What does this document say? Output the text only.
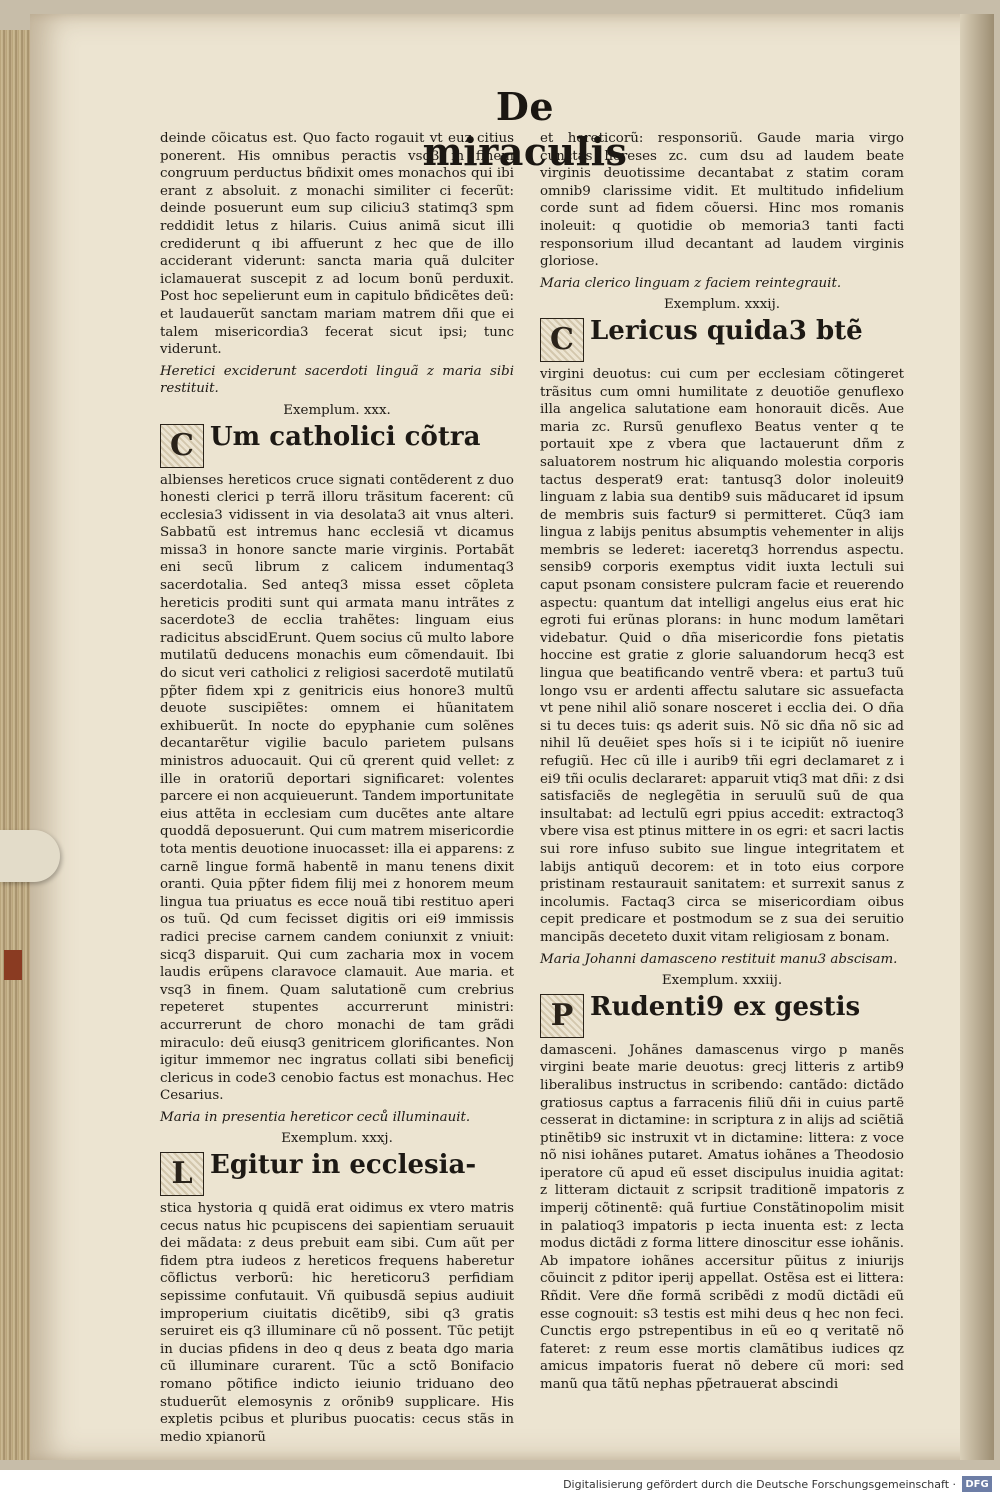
De miraculis

deinde cõicatus est. Quo facto rogauit vt euz citius ponerent. His omnibus peractis vsq3 in finem congruum perductus bñdixit omes monachos qui ibi erant z absoluit. z monachi similiter ci fecerũt: deinde posuerunt eum sup ciliciu3 statimq3 spm reddidit letus z hilaris. Cuius animã sicut illi crediderunt q ibi affuerunt z hec que de illo acciderant viderunt: sancta maria quã dulciter iclamauerat suscepit z ad locum bonũ perduxit. Post hoc sepelierunt eum in capitulo bñdicẽtes deũ: et laudauerũt sanctam mariam matrem dñi que ei talem misericordia3 fecerat sicut ipsi; tunc viderunt.

Heretici exciderunt sacerdoti linguã z maria sibi restituit.
Exemplum. xxx.
C Um catholici cõtra

albienses hereticos cruce signati contẽderent z duo honesti clerici p terrã illoru trãsitum facerent: cũ ecclesia3 vidissent in via desolata3 ait vnus alteri. Sabbatũ est intremus hanc ecclesiã vt dicamus missa3 in honore sancte marie virginis. Portabãt eni secũ librum z calicem indumentaq3 sacerdotalia. Sed anteq3 missa esset cõpleta hereticis proditi sunt qui armata manu intrãtes z sacerdote3 de ecclia trahẽtes: linguam eius radicitus abscidErunt. Quem socius cũ multo labore mutilatũ deducens monachis eum cõmendauit. Ibi do sicut veri catholici z religiosi sacerdotẽ mutilatũ pp̃ter fidem xpi z genitricis eius honore3 multũ deuote suscipiẽtes: omnem ei hũanitatem exhibuerũt. In nocte do epyphanie cum solẽnes decantarẽtur vigilie baculo parietem pulsans ministros aduocauit. Qui cũ qrerent quid vellet: z ille in oratoriũ deportari significaret: volentes parcere ei non acquieuerunt. Tandem importunitate eius attẽta in ecclesiam cum ducẽtes ante altare quoddã deposuerunt. Qui cum matrem misericordie tota mentis deuotione inuocasset: illa ei apparens: z carnẽ lingue formã habentẽ in manu tenens dixit oranti. Quia pp̃ter fidem filij mei z honorem meum lingua tua priuatus es ecce nouã tibi restituo aperi os tuũ. Qd cum fecisset digitis ori ei9 immissis radici precise carnem candem coniunxit z vniuit: sicq3 disparuit. Qui cum zacharia mox in vocem laudis erũpens claravoce clamauit. Aue maria. et vsq3 in finem. Quam salutationẽ cum crebrius repeteret stupentes accurrerunt ministri: accurrerunt de choro monachi de tam grãdi miraculo: deũ eiusq3 genitricem glorificantes. Non igitur immemor nec ingratus collati sibi beneficij clericus in code3 cenobio factus est monachus. Hec Cesarius.

Maria in presentia hereticor ceců illuminauit.
Exemplum. xxxj.
L Egitur in ecclesia-

stica hystoria q quidã erat oidimus ex vtero matris cecus natus hic pcupiscens dei sapientiam seruauit dei mãdata: z deus prebuit eam sibi. Cum aũt per fidem ptra iudeos z hereticos frequens haberetur cõflictus verborũ: hic hereticoru3 perfidiam sepissime confutauit. Vñ quibusdã sepius audiuit improperium ciuitatis dicẽtib9, sibi q3 gratis seruiret eis q3 illuminare cũ nõ possent. Tũc petijt in ducias pfidens in deo q deus z beata dgo maria cũ illuminare curarent. Tũc a sctõ Bonifacio romano põtifice indicto ieiunio triduano deo studuerũt elemosynis z orõnib9 supplicare. His expletis pcibus et pluribus puocatis: cecus stãs in medio xpianorũ

et hereticorũ: responsoriũ. Gaude maria virgo cunctas hereses zc. cum dsu ad laudem beate virginis deuotissime decantabat z statim coram omnib9 clarissime vidit. Et multitudo infidelium corde sunt ad fidem cõuersi. Hinc mos romanis inoleuit: q quotidie ob memoria3 tanti facti responsorium illud decantant ad laudem virginis gloriose.

Maria clerico linguam z faciem reintegrauit.
Exemplum. xxxij.
C Lericus quida3 btẽ

virgini deuotus: cui cum per ecclesiam cõtingeret trãsitus cum omni humilitate z deuotiõe genuflexo illa angelica salutatione eam honorauit dicẽs. Aue maria zc. Rursũ genuflexo Beatus venter q te portauit xpe z vbera que lactauerunt dñm z saluatorem nostrum hic aliquando molestia corporis tactus desperat9 erat: tantusq3 dolor inoleuit9 linguam z labia sua dentib9 suis mãducaret id ipsum de membris suis factur9 si permitteret. Cũq3 iam lingua z labijs penitus absumptis vehementer in alijs membris se lederet: iaceretq3 horrendus aspectu. sensib9 corporis exemptus vidit iuxta lectuli sui caput psonam consistere pulcram facie et reuerendo aspectu: quantum dat intelligi angelus eius erat hic egroti fui erũnas plorans: in hunc modum lamẽtari videbatur. Quid o dña misericordie fons pietatis hoccine est gratie z glorie saluandorum hecq3 est lingua que beatificando ventrẽ vbera: et partu3 tuũ longo vsu er ardenti affectu salutare sic assuefacta vt pene nihil aliõ sonare nosceret i ecclia dei. O dña si tu deces tuis: qs aderit suis. Nõ sic dña nõ sic ad nihil lũ deuẽiet spes hoĩs si i te icipiũt nõ iuenire refugiũ. Hec cũ ille i aurib9 tñi egri declamaret z i ei9 tñi oculis declararet: apparuit vtiq3 mat dñi: z dsi satisfaciẽs de neglegẽtia in seruulũ suũ de qua insultabat: ad lectulũ egri ppius accedit: extractoq3 vbere visa est ptinus mittere in os egri: et sacri lactis sui rore infuso subito sue lingue integritatem et labijs antiquũ decorem: et in toto eius corpore pristinam restaurauit sanitatem: et surrexit sanus z incolumis. Factaq3 circa se misericordiam oibus cepit predicare et postmodum se z sua dei seruitio mancipãs deceteto duxit vitam religiosam z bonam.

Maria Johanni damasceno restituit manu3 abscisam.
Exemplum. xxxiij.
P Rudenti9 ex gestis

damasceni. Johãnes damascenus virgo p manẽs virgini beate marie deuotus: grecj litteris z artib9 liberalibus instructus in scribendo: cantãdo: dictãdo gratiosus captus a farracenis filiũ dñi in cuius partẽ cesserat in dictamine: in scriptura z in alijs ad sciẽtiã ptinẽtib9 sic instruxit vt in dictamine: littera: z voce nõ nisi iohãnes putaret. Amatus iohãnes a Theodosio iperatore cũ apud eũ esset discipulus inuidia agitat: z litteram dictauit z scripsit traditionẽ impatoris z imperij cõtinentẽ: quã furtiue Constãtinopolim misit in palatioq3 impatoris p iecta inuenta est: z lecta modus dictãdi z forma littere dinoscitur esse iohãnis. Ab impatore iohãnes accersitur pũitus z iniurijs cõuincit z pditor iperij appellat. Ostẽsa est ei littera: Rñdit. Vere dñe formã scribẽdi z modũ dictãdi eũ esse cognouit: s3 testis est mihi deus q hec non feci. Cunctis ergo pstrepentibus in eũ eo q veritatẽ nõ fateret: z reum esse mortis clamãtibus iudices qz amicus impatoris fuerat nõ debere cũ mori: sed manũ qua tãtũ nephas pp̃etrauerat abscindi

Digitalisierung gefördert durch die Deutsche Forschungsgemeinschaft · DFG
